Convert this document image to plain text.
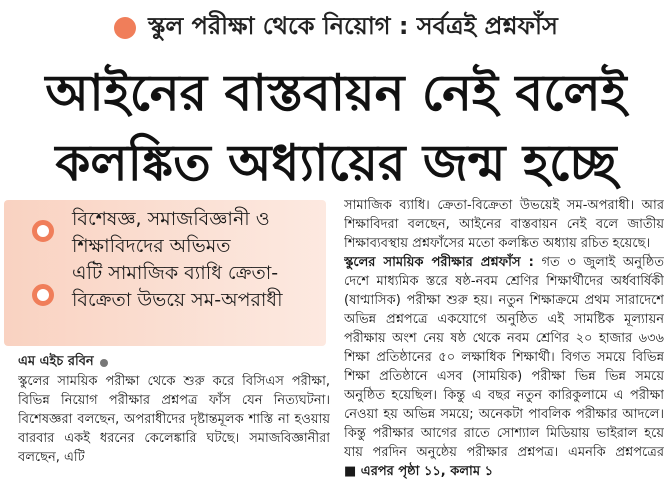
স্কুল পরীক্ষা থেকে নিয়োগ : সর্বত্রই প্রশ্নফাঁস
আইনের বাস্তবায়ন নেই বলেই
কলঙ্কিত অধ্যায়ের জন্ম হচ্ছে
বিশেষজ্ঞ, সমাজবিজ্ঞানী ও শিক্ষাবিদদের অভিমত
এটি সামাজিক ব্যাধি ক্রেতা-বিক্রেতা উভয়ে সম-অপরাধী
এম এইচ রবিন

স্কুলের সাময়িক পরীক্ষা থেকে শুরু করে বিসিএস পরীক্ষা, বিভিন্ন নিয়োগ পরীক্ষার প্রশ্নপত্র ফাঁস যেন নিত্যঘটনা। বিশেষজ্ঞরা বলছেন, অপরাধীদের দৃষ্টান্তমূলক শাস্তি না হওয়ায় বারবার একই ধরনের কেলেঙ্কারি ঘটছে। সমাজবিজ্ঞানীরা বলছেন, এটি

সামাজিক ব্যাধি। ক্রেতা-বিক্রেতা উভয়েই সম-অপরাধী। আর শিক্ষাবিদরা বলছেন, আইনের বাস্তবায়ন নেই বলে জাতীয় শিক্ষাব্যবস্থায় প্রশ্নফাঁসের মতো কলঙ্কিত অধ্যায় রচিত হয়েছে।

স্কুলের সাময়িক পরীক্ষার প্রশ্নফাঁস : গত ৩ জুলাই অনুষ্ঠিত দেশে মাধ্যমিক স্তরে ষষ্ঠ-নবম শ্রেণির শিক্ষার্থীদের অর্ধবার্ষিকী (ষাণ্মাসিক) পরীক্ষা শুরু হয়। নতুন শিক্ষাক্রমে প্রথম সারাদেশে অভিন্ন প্রশ্নপত্রে একযোগে অনুষ্ঠিত এই সামষ্টিক মূল্যায়ন পরীক্ষায় অংশ নেয় ষষ্ঠ থেকে নবম শ্রেণির ২০ হাজার ৬৩৬ শিক্ষা প্রতিষ্ঠানের ৫০ লক্ষাধিক শিক্ষার্থী। বিগত সময়ে বিভিন্ন শিক্ষা প্রতিষ্ঠানে এসব (সাময়িক) পরীক্ষা ভিন্ন ভিন্ন সময়ে অনুষ্ঠিত হয়েছিল। কিন্তু এ বছর নতুন কারিকুলামে এ পরীক্ষা নেওয়া হয় অভিন্ন সময়ে; অনেকটা পাবলিক পরীক্ষার আদলে। কিন্তু পরীক্ষার আগের রাতে সোশ্যাল মিডিয়ায় ভাইরাল হয়ে যায় পরদিন অনুষ্ঠেয় পরীক্ষার প্রশ্নপত্র। এমনকি প্রশ্নপত্রের ■ এরপর পৃষ্ঠা ১১, কলাম ১
